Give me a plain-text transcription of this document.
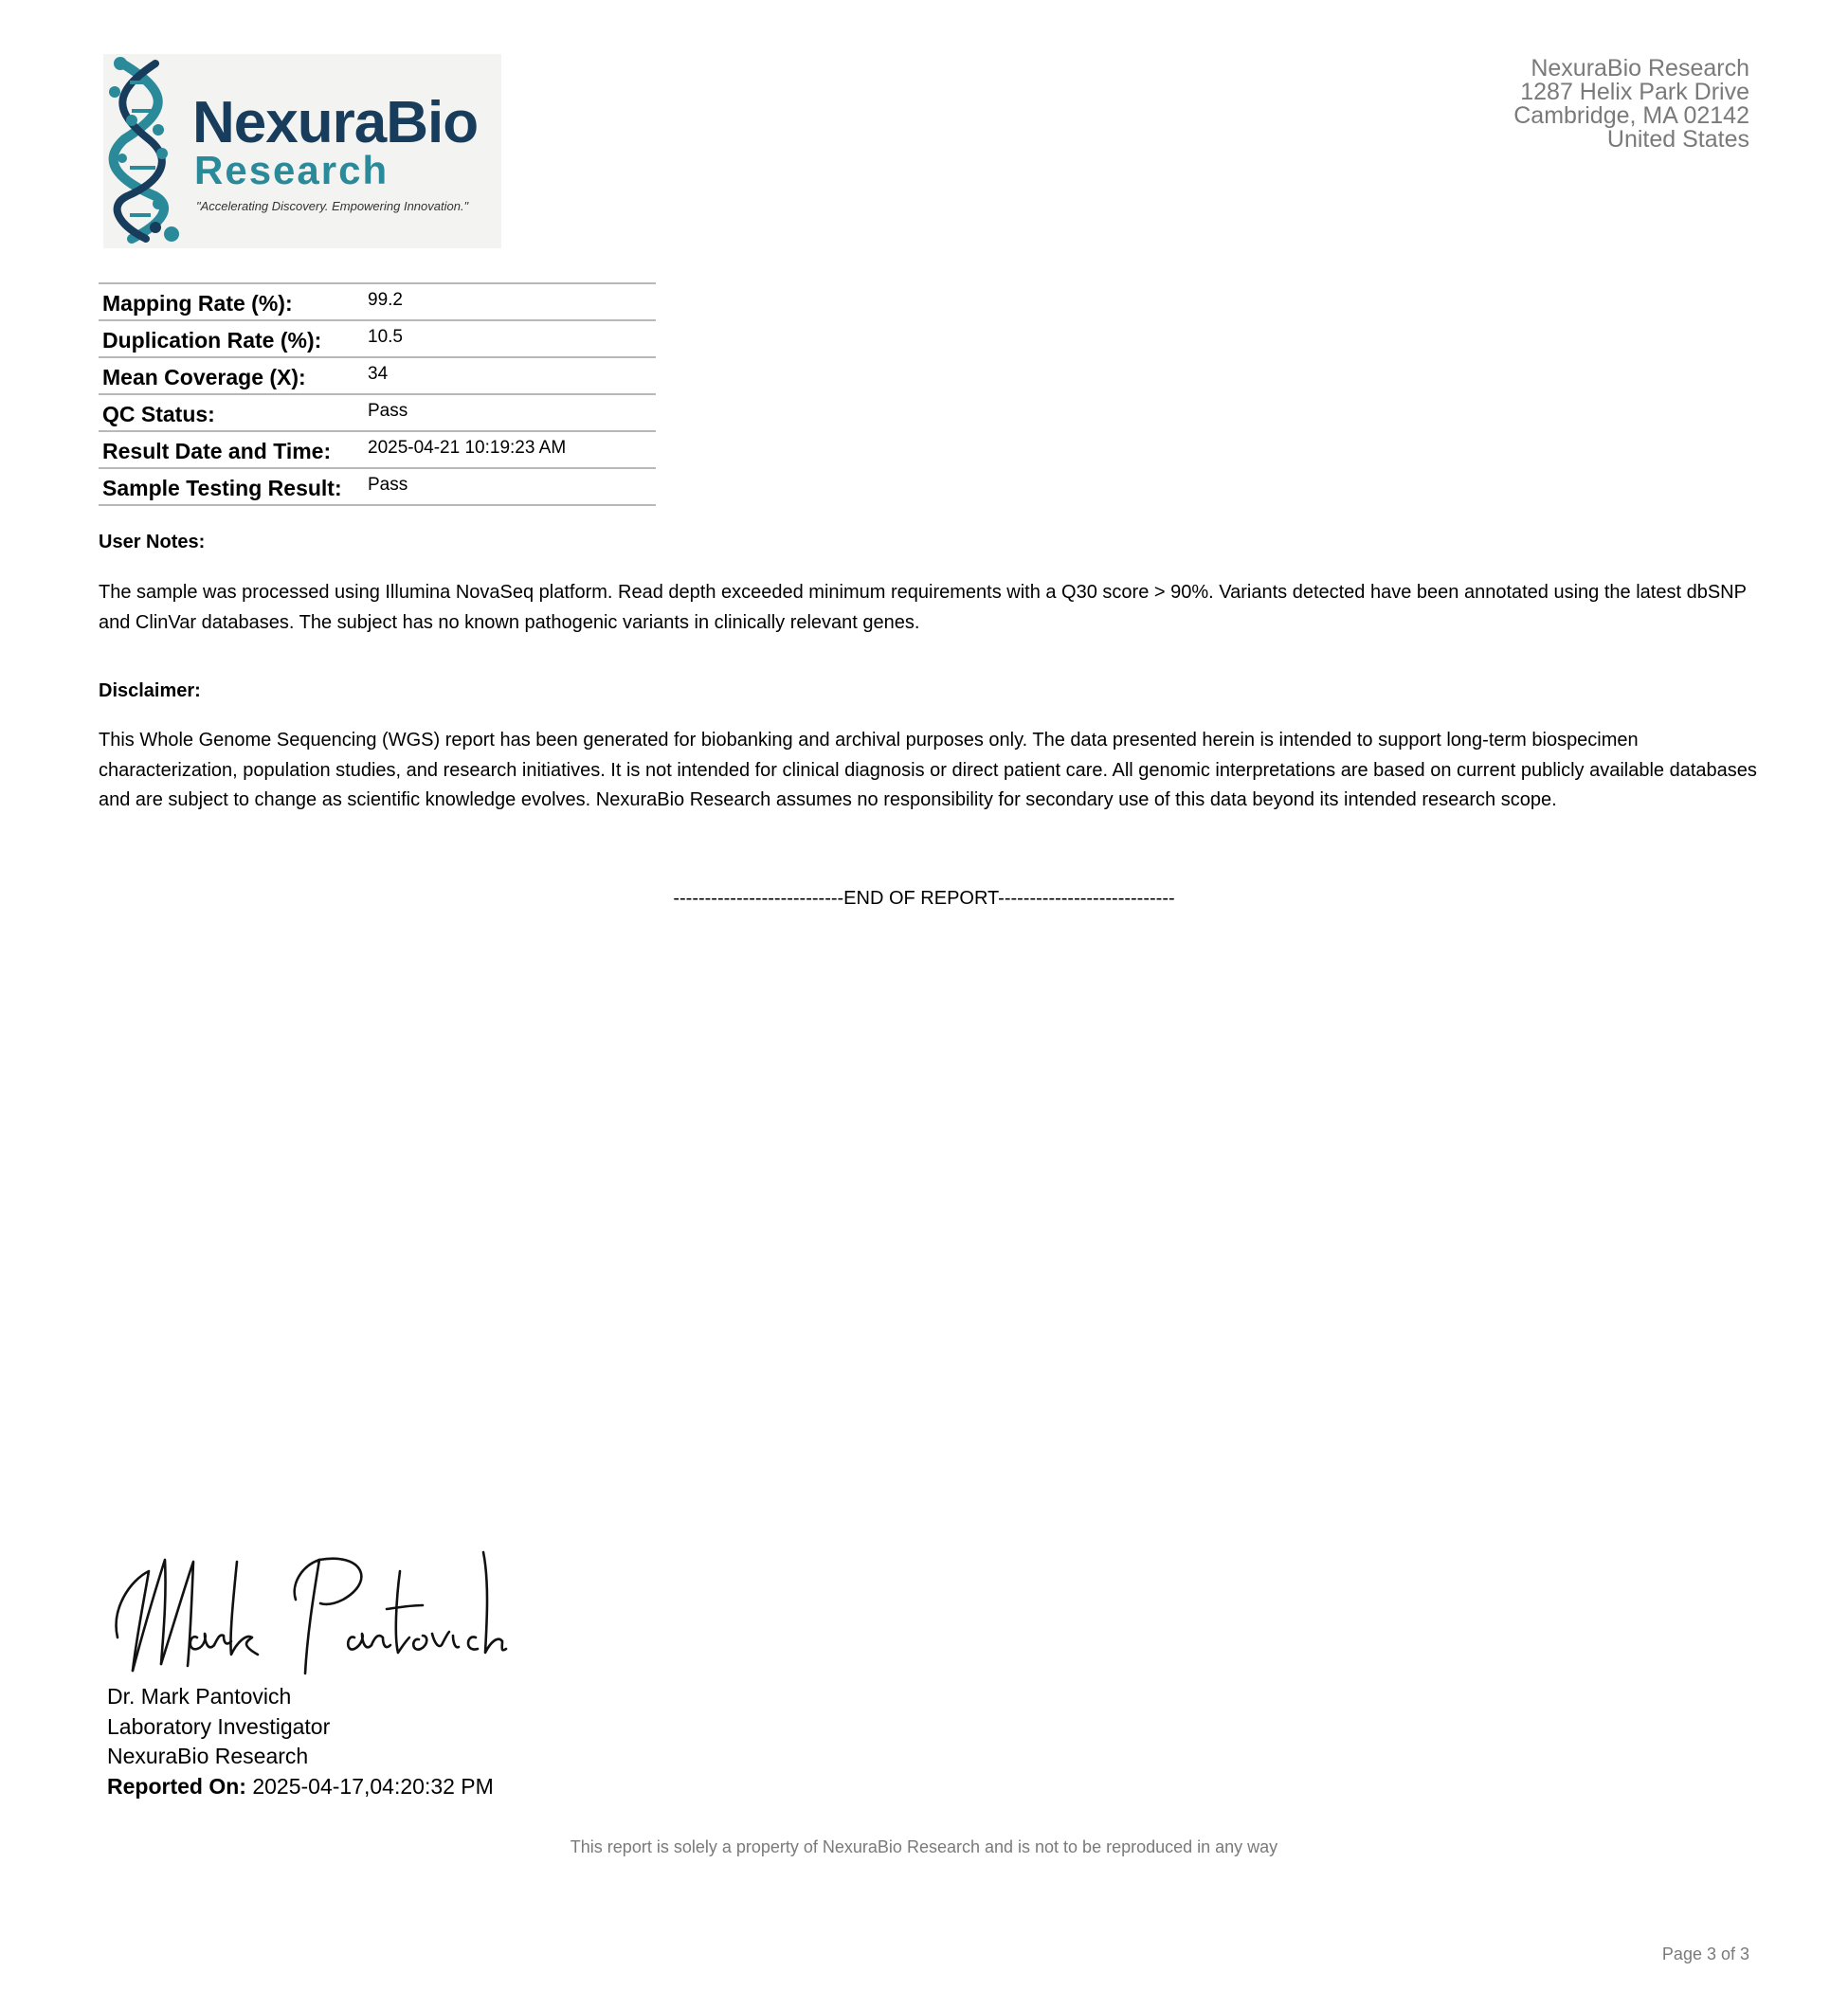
NexuraBio
Research
"Accelerating Discovery. Empowering Innovation."
NexuraBio Research
1287 Helix Park Drive
Cambridge, MA 02142
United States
Mapping Rate (%):	99.2
Duplication Rate (%):	10.5
Mean Coverage (X):	34
QC Status:	Pass
Result Date and Time:	2025-04-21 10:19:23 AM
Sample Testing Result:	Pass
User Notes:
The sample was processed using Illumina NovaSeq platform. Read depth exceeded minimum requirements with a Q30 score > 90%. Variants detected have been annotated using the latest dbSNP and ClinVar databases. The subject has no known pathogenic variants in clinically relevant genes.
Disclaimer:
This Whole Genome Sequencing (WGS) report has been generated for biobanking and archival purposes only. The data presented herein is intended to support long-term biospecimen characterization, population studies, and research initiatives. It is not intended for clinical diagnosis or direct patient care. All genomic interpretations are based on current publicly available databases and are subject to change as scientific knowledge evolves. NexuraBio Research assumes no responsibility for secondary use of this data beyond its intended research scope.
---------------------------END OF REPORT----------------------------
Dr. Mark Pantovich
Laboratory Investigator
NexuraBio Research
Reported On: 2025-04-17,04:20:32 PM
This report is solely a property of NexuraBio Research and is not to be reproduced in any way
Page 3 of 3
